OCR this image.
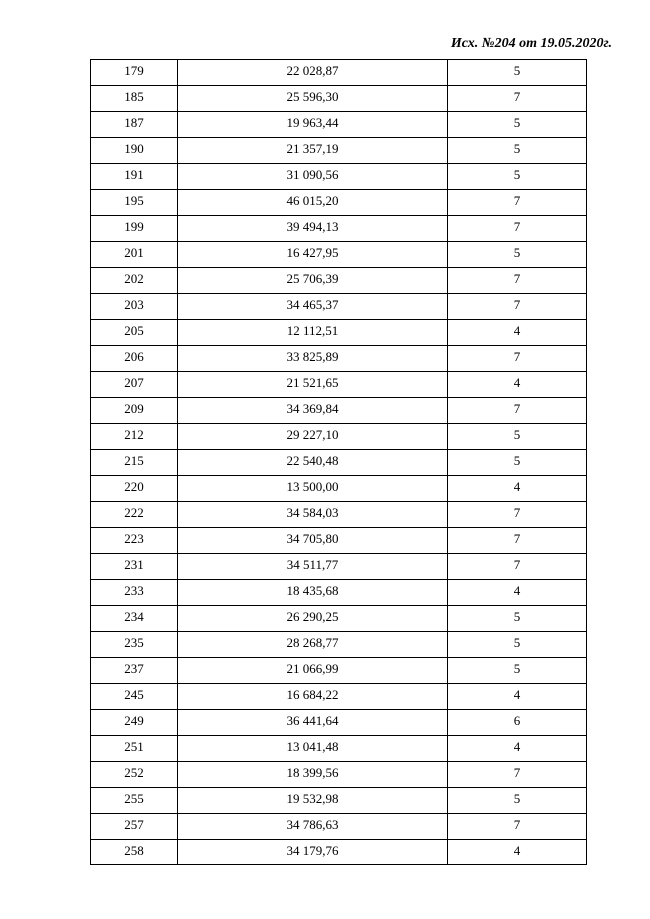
Исх. №204 от 19.05.2020г.
179	22 028,87	5
185	25 596,30	7
187	19 963,44	5
190	21 357,19	5
191	31 090,56	5
195	46 015,20	7
199	39 494,13	7
201	16 427,95	5
202	25 706,39	7
203	34 465,37	7
205	12 112,51	4
206	33 825,89	7
207	21 521,65	4
209	34 369,84	7
212	29 227,10	5
215	22 540,48	5
220	13 500,00	4
222	34 584,03	7
223	34 705,80	7
231	34 511,77	7
233	18 435,68	4
234	26 290,25	5
235	28 268,77	5
237	21 066,99	5
245	16 684,22	4
249	36 441,64	6
251	13 041,48	4
252	18 399,56	7
255	19 532,98	5
257	34 786,63	7
258	34 179,76	4
